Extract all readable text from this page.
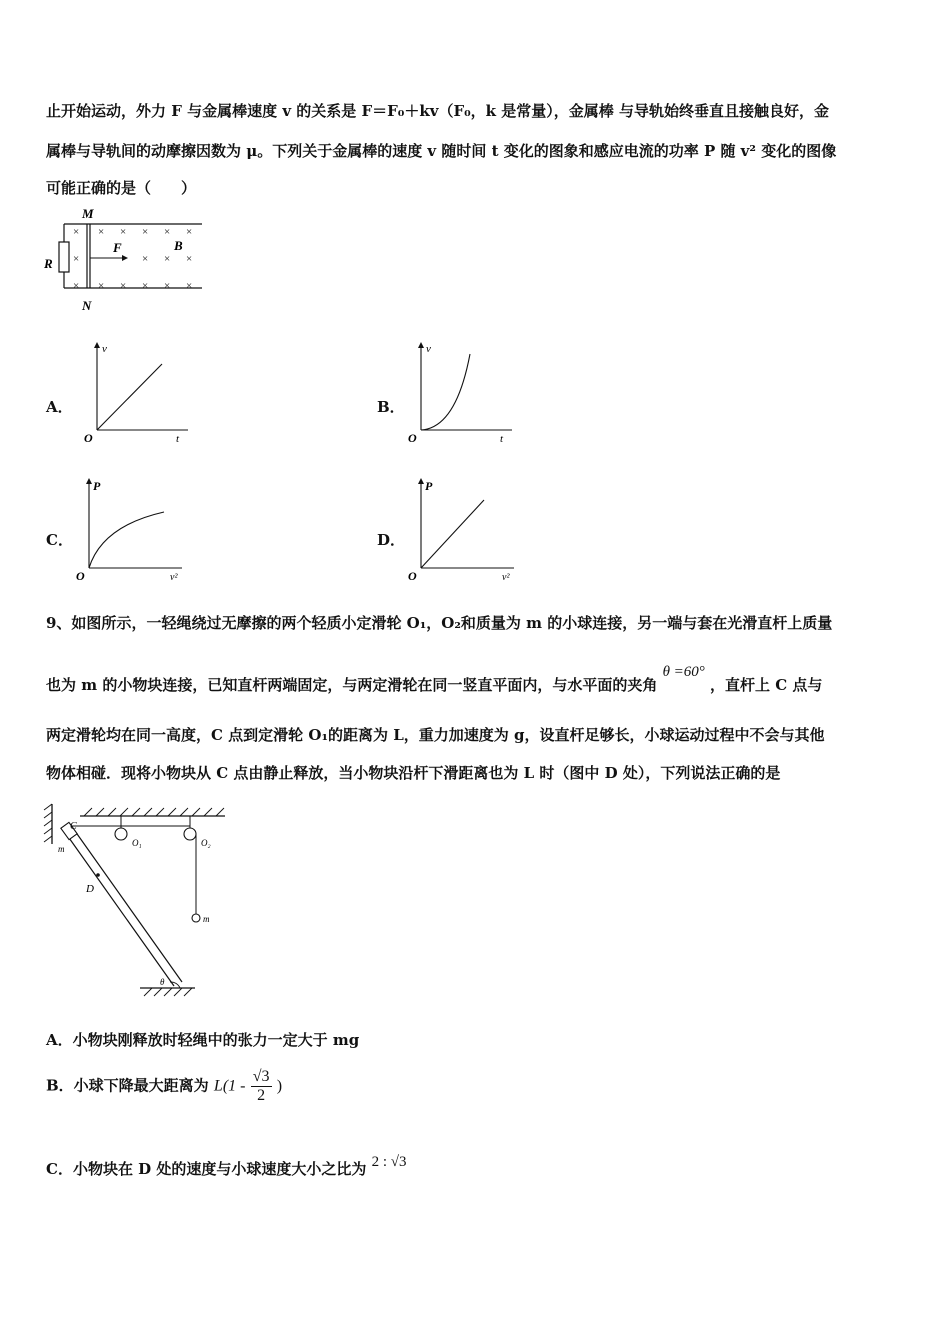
止开始运动，外力 F 与金属棒速度 v 的关系是 F＝F₀＋kv（F₀，k 是常量），金属棒 与导轨始终垂直且接触良好，金
属棒与导轨间的动摩擦因数为 μ。下列关于金属棒的速度 v 随时间 t 变化的图象和感应电流的功率 P 随 v² 变化的图像
可能正确的是（　　）
M
N
R
F	B
×
×
×
× × × × ×
× × ×
× × × × ×
A．
v
t
O
B．
v
t
O
C．
P
v²
O
D．
P
v²
O
9、如图所示，一轻绳绕过无摩擦的两个轻质小定滑轮 O₁，O₂和质量为 m 的小球连接，另一端与套在光滑直杆上质量
也为 m 的小物块连接，已知直杆两端固定，与两定滑轮在同一竖直平面内，与水平面的夹角 θ =60° ，直杆上 C 点与
两定滑轮均在同一高度，C 点到定滑轮 O₁的距离为 L，重力加速度为 g，设直杆足够长，小球运动过程中不会与其他
物体相碰．现将小物块从 C 点由静止释放，当小物块沿杆下滑距离也为 L 时（图中 D 处），下列说法正确的是
C
m
O₁	O₂
D
m
θ
A．小物块刚释放时轻绳中的张力一定大于 mg
B．小球下降最大距离为 $L(1 - \frac{√3}{2}$ )
C．小物块在 D 处的速度与小球速度大小之比为 2 : √3
